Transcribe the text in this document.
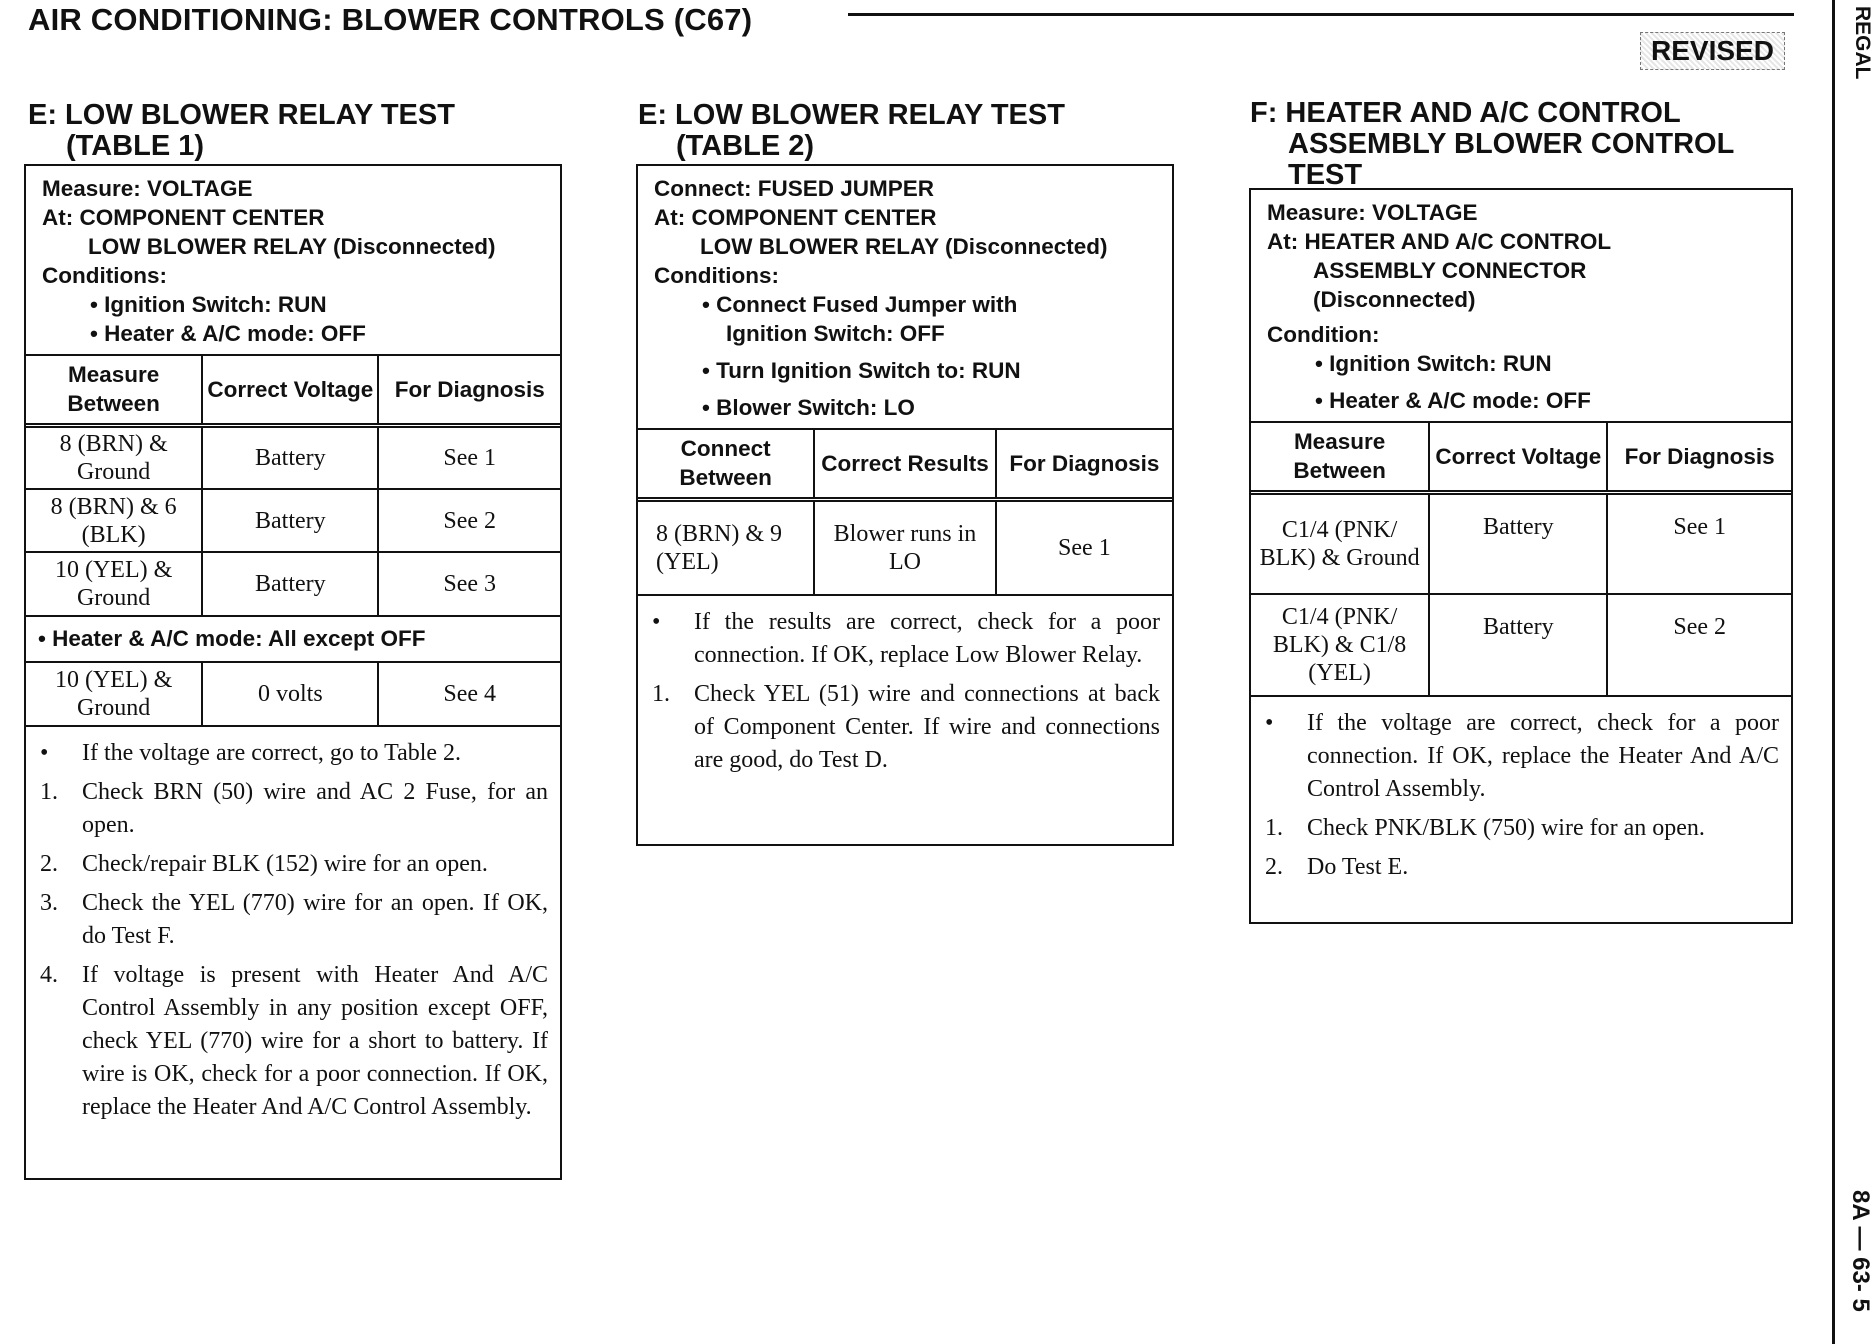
AIR CONDITIONING: BLOWER CONTROLS (C67)
REVISED	REGAL
8A — 63- 5
E: LOW BLOWER RELAY TEST
(TABLE 1)
Measure: VOLTAGE
At: COMPONENT CENTER
LOW BLOWER RELAY (Disconnected)
Conditions:
• Ignition Switch: RUN
• Heater & A/C mode: OFF
Measure Between	Correct Voltage	For Diagnosis
8 (BRN) & Ground	Battery	See 1
8 (BRN) & 6 (BLK)	Battery	See 2
10 (YEL) & Ground	Battery	See 3
• Heater & A/C mode: All except OFF		
10 (YEL) & Ground	0 volts	See 4
•	If the voltage are correct, go to Table 2.
1.	Check BRN (50) wire and AC 2 Fuse, for an open.
2.	Check/repair BLK (152) wire for an open.
3.	Check the YEL (770) wire for an open. If OK, do Test F.
4.	If voltage is present with Heater And A/C Control Assembly in any position except OFF, check YEL (770) wire for a short to battery. If wire is OK, check for a poor connection. If OK, replace the Heater And A/C Control Assembly.
E: LOW BLOWER RELAY TEST
(TABLE 2)
Connect: FUSED JUMPER
At: COMPONENT CENTER
LOW BLOWER RELAY (Disconnected)
Conditions:
• Connect Fused Jumper with
Ignition Switch: OFF
• Turn Ignition Switch to: RUN
• Blower Switch: LO
Connect Between	Correct Results	For Diagnosis
8 (BRN) & 9 (YEL)	Blower runs in LO	See 1
•	If the results are correct, check for a poor connection. If OK, replace Low Blower Relay.
1.	Check YEL (51) wire and connections at back of Component Center. If wire and connections are good, do Test D.
F: HEATER AND A/C CONTROL
ASSEMBLY BLOWER CONTROL
TEST
Measure: VOLTAGE
At: HEATER AND A/C CONTROL
ASSEMBLY CONNECTOR
(Disconnected)
Condition:
• Ignition Switch: RUN
• Heater & A/C mode: OFF
Measure Between	Correct Voltage	For Diagnosis
C1/4 (PNK/ BLK) & Ground	Battery	See 1
C1/4 (PNK/ BLK) & C1/8 (YEL)	Battery	See 2
•	If the voltage are correct, check for a poor connection. If OK, replace the Heater And A/C Control Assembly.
1.	Check PNK/BLK (750) wire for an open.
2.	Do Test E.
